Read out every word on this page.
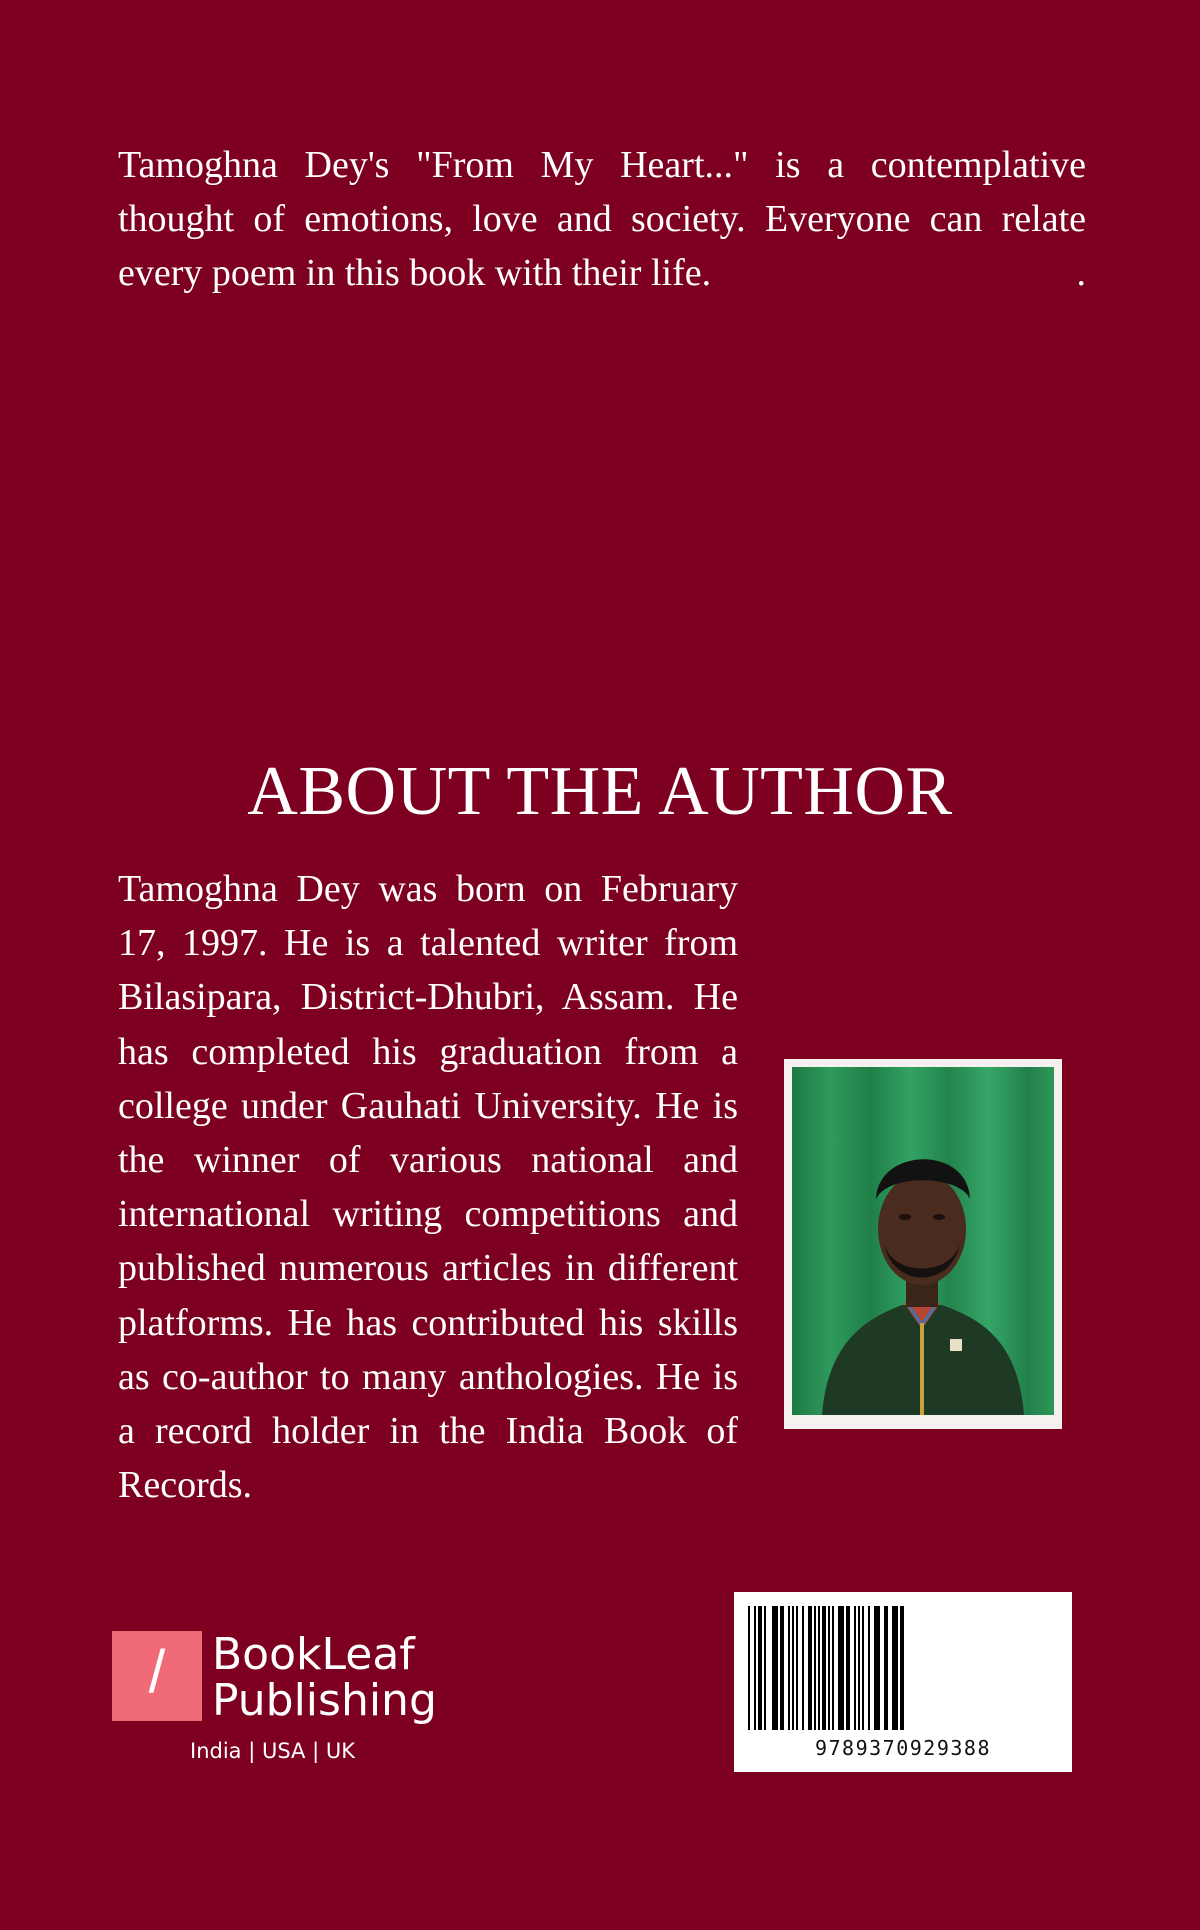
Tamoghna Dey's "From My Heart..." is a contemplative thought of emotions, love and society. Everyone can relate every poem in this book with their life.	.

ABOUT THE AUTHOR

Tamoghna Dey was born on February 17, 1997. He is a talented writer from Bilasipara, District-Dhubri, Assam. He has completed his graduation from a college under Gauhati University. He is the winner of various national and international writing competitions and published numerous articles in different platforms. He has contributed his skills as co-author to many anthologies. He is a record holder in the India Book of Records.

/	BookLeaf
Publishing
India | USA | UK	9789370929388
